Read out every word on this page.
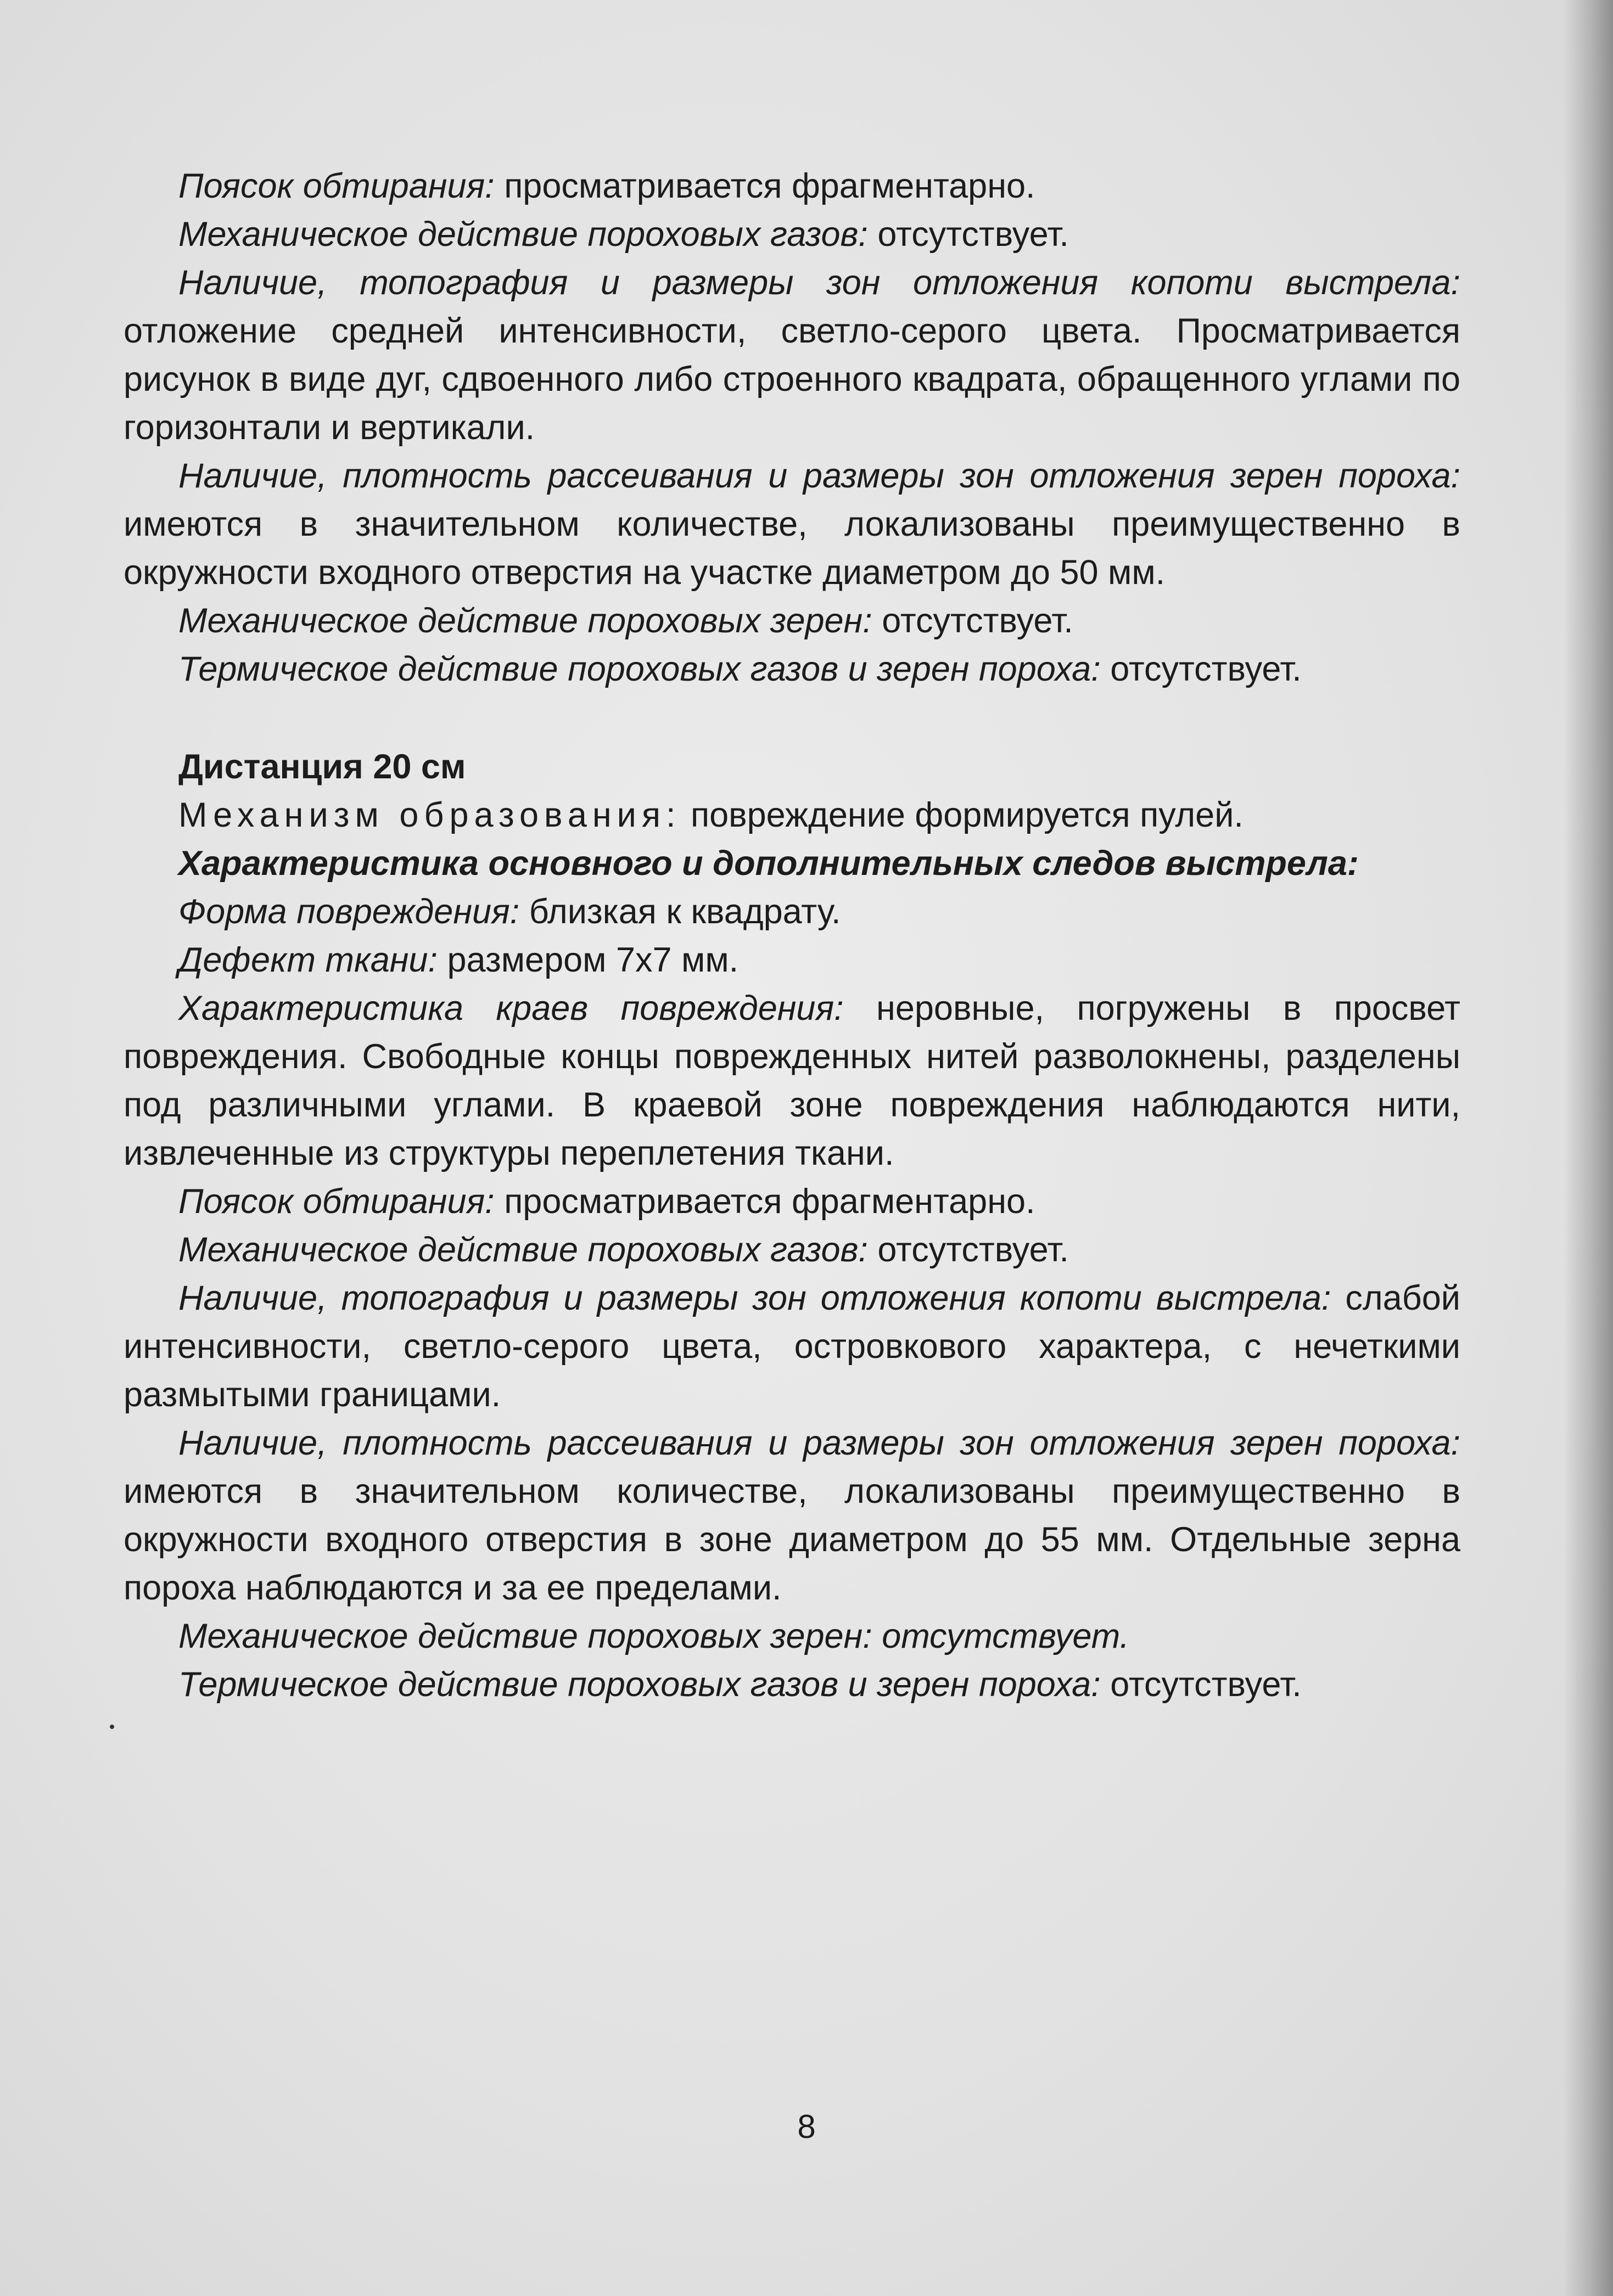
Поясок обтирания: просматривается фрагментарно.

Механическое действие пороховых газов: отсутствует.

Наличие, топография и размеры зон отложения копоти выстрела: отложение средней интенсивности, светло-серого цвета. Просматривается рисунок в виде дуг, сдвоенного либо строенного квадрата, обращенного углами по горизонтали и вертикали.

Наличие, плотность рассеивания и размеры зон отложения зерен пороха: имеются в значительном количестве, локализованы преимущественно в окружности входного отверстия на участке диаметром до 50 мм.

Механическое действие пороховых зерен: отсутствует.

Термическое действие пороховых газов и зерен пороха: отсутствует.

Дистанция 20 см

Механизм образования: повреждение формируется пулей.

Характеристика основного и дополнительных следов выстрела:

Форма повреждения: близкая к квадрату.

Дефект ткани: размером 7х7 мм.

Характеристика краев повреждения: неровные, погружены в просвет повреждения. Свободные концы поврежденных нитей разволокнены, разделены под различными углами. В краевой зоне повреждения наблюдаются нити, извлеченные из структуры переплетения ткани.

Поясок обтирания: просматривается фрагментарно.

Механическое действие пороховых газов: отсутствует.

Наличие, топография и размеры зон отложения копоти выстрела: слабой интенсивности, светло-серого цвета, островкового характера, с нечеткими размытыми границами.

Наличие, плотность рассеивания и размеры зон отложения зерен пороха: имеются в значительном количестве, локализованы преимущественно в окружности входного отверстия в зоне диаметром до 55 мм. Отдельные зерна пороха наблюдаются и за ее пределами.

Механическое действие пороховых зерен: отсутствует.

Термическое действие пороховых газов и зерен пороха: отсутствует.

8
